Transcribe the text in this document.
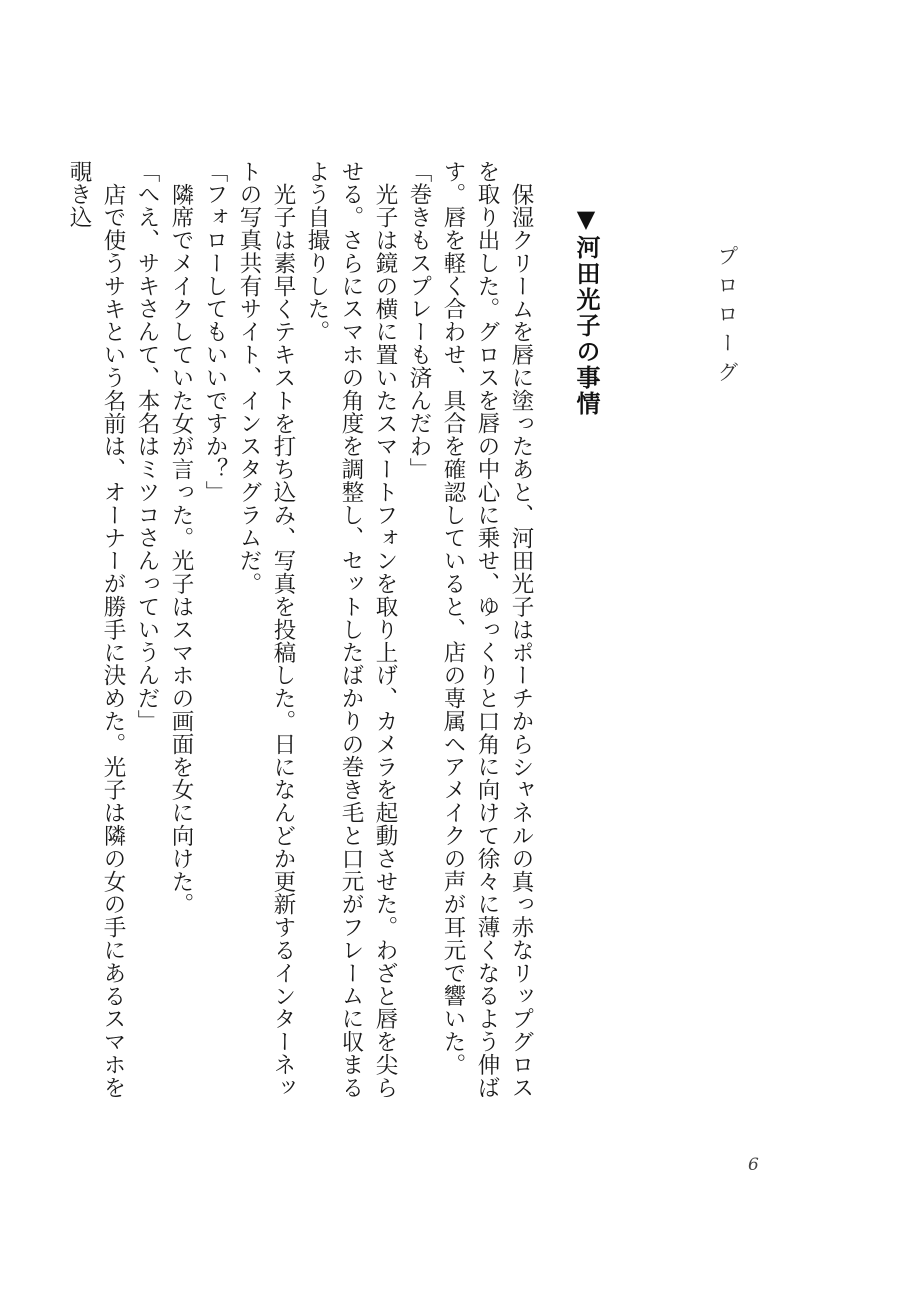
プロローグ
▼河田光子の事情

保湿クリームを唇に塗ったあと、河田光子はポーチからシャネルの真っ赤なリップグロスを取り出した。グロスを唇の中心に乗せ、ゆっくりと口角に向けて徐々に薄くなるよう伸ばす。唇を軽く合わせ、具合を確認していると、店の専属ヘアメイクの声が耳元で響いた。

「巻きもスプレーも済んだわ」

光子は鏡の横に置いたスマートフォンを取り上げ、カメラを起動させた。わざと唇を尖らせる。さらにスマホの角度を調整し、セットしたばかりの巻き毛と口元がフレームに収まるよう自撮りした。

光子は素早くテキストを打ち込み、写真を投稿した。日になんどか更新するインターネットの写真共有サイト、インスタグラムだ。

「フォローしてもいいですか？」

隣席でメイクしていた女が言った。光子はスマホの画面を女に向けた。

「へえ、サキさんて、本名はミツコさんっていうんだ」

店で使うサキという名前は、オーナーが勝手に決めた。光子は隣の女の手にあるスマホを覗き込

6
